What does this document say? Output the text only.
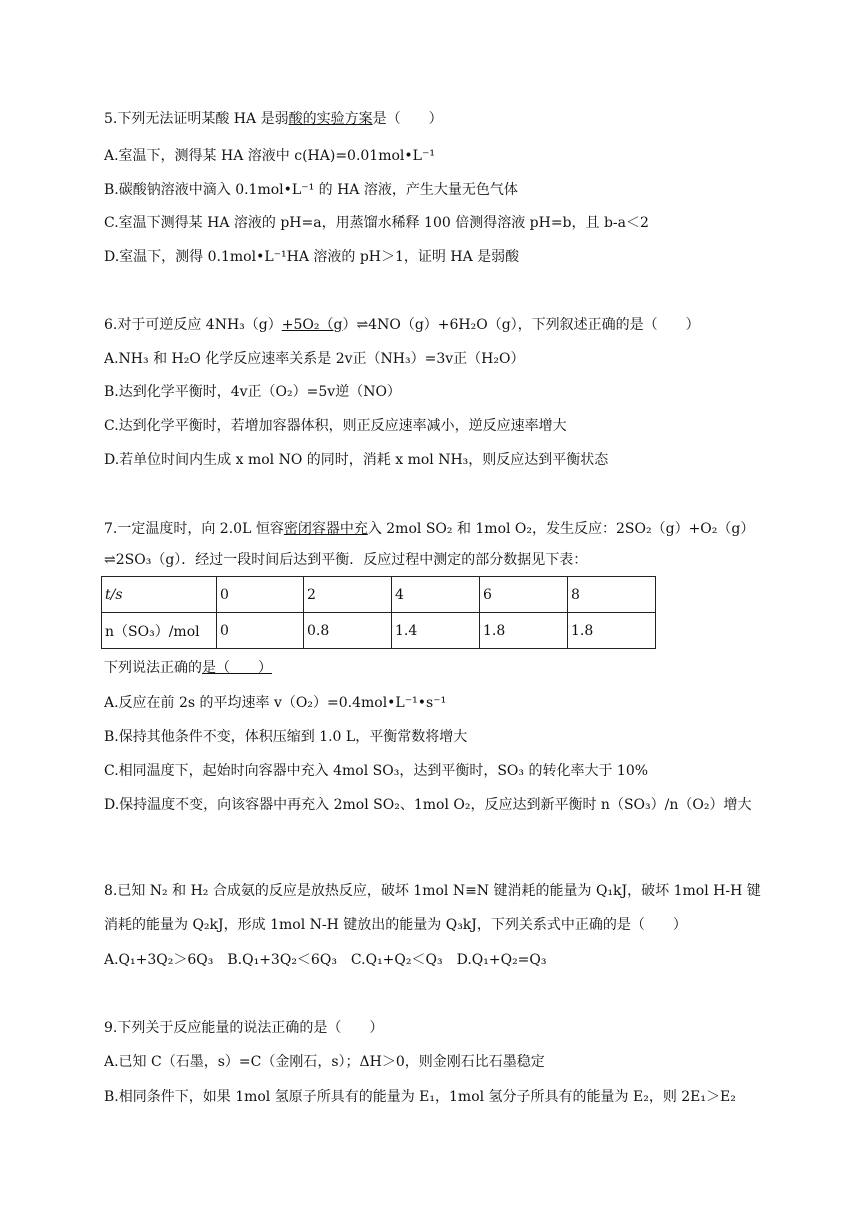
5.下列无法证明某酸 HA 是弱酸的实验方案是（　　）
A.室温下，测得某 HA 溶液中 c(HA)=0.01mol•L⁻¹
B.碳酸钠溶液中滴入 0.1mol•L⁻¹ 的 HA 溶液，产生大量无色气体
C.室温下测得某 HA 溶液的 pH=a，用蒸馏水稀释 100 倍测得溶液 pH=b，且 b-a＜2
D.室温下，测得 0.1mol•L⁻¹HA 溶液的 pH＞1，证明 HA 是弱酸
6.对于可逆反应 4NH₃（g）+5O₂（g）⇌4NO（g）+6H₂O（g），下列叙述正确的是（　　）
A.NH₃ 和 H₂O 化学反应速率关系是 2v正（NH₃）=3v正（H₂O）
B.达到化学平衡时，4v正（O₂）=5v逆（NO）
C.达到化学平衡时，若增加容器体积，则正反应速率减小，逆反应速率增大
D.若单位时间内生成 x mol NO 的同时，消耗 x mol NH₃，则反应达到平衡状态
7.一定温度时，向 2.0L 恒容密闭容器中充入 2mol SO₂ 和 1mol O₂，发生反应：2SO₂（g）+O₂（g）
⇌2SO₃（g）．经过一段时间后达到平衡．反应过程中测定的部分数据见下表：
t/s	0	2	4	6	8
n（SO₃）/mol	0	0.8	1.4	1.8	1.8
下列说法正确的是（　　）
A.反应在前 2s 的平均速率 v（O₂）=0.4mol•L⁻¹•s⁻¹
B.保持其他条件不变，体积压缩到 1.0 L，平衡常数将增大
C.相同温度下，起始时向容器中充入 4mol SO₃，达到平衡时，SO₃ 的转化率大于 10%
D.保持温度不变，向该容器中再充入 2mol SO₂、1mol O₂，反应达到新平衡时 n（SO₃）/n（O₂）增大
8.已知 N₂ 和 H₂ 合成氨的反应是放热反应，破坏 1mol N≡N 键消耗的能量为 Q₁kJ，破坏 1mol H-H 键
消耗的能量为 Q₂kJ，形成 1mol N-H 键放出的能量为 Q₃kJ，下列关系式中正确的是（　　）
A.Q₁+3Q₂＞6Q₃　B.Q₁+3Q₂＜6Q₃　C.Q₁+Q₂＜Q₃　D.Q₁+Q₂=Q₃
9.下列关于反应能量的说法正确的是（　　）
A.已知 C（石墨，s）=C（金刚石，s）；ΔH＞0，则金刚石比石墨稳定
B.相同条件下，如果 1mol 氢原子所具有的能量为 E₁，1mol 氢分子所具有的能量为 E₂，则 2E₁＞E₂
